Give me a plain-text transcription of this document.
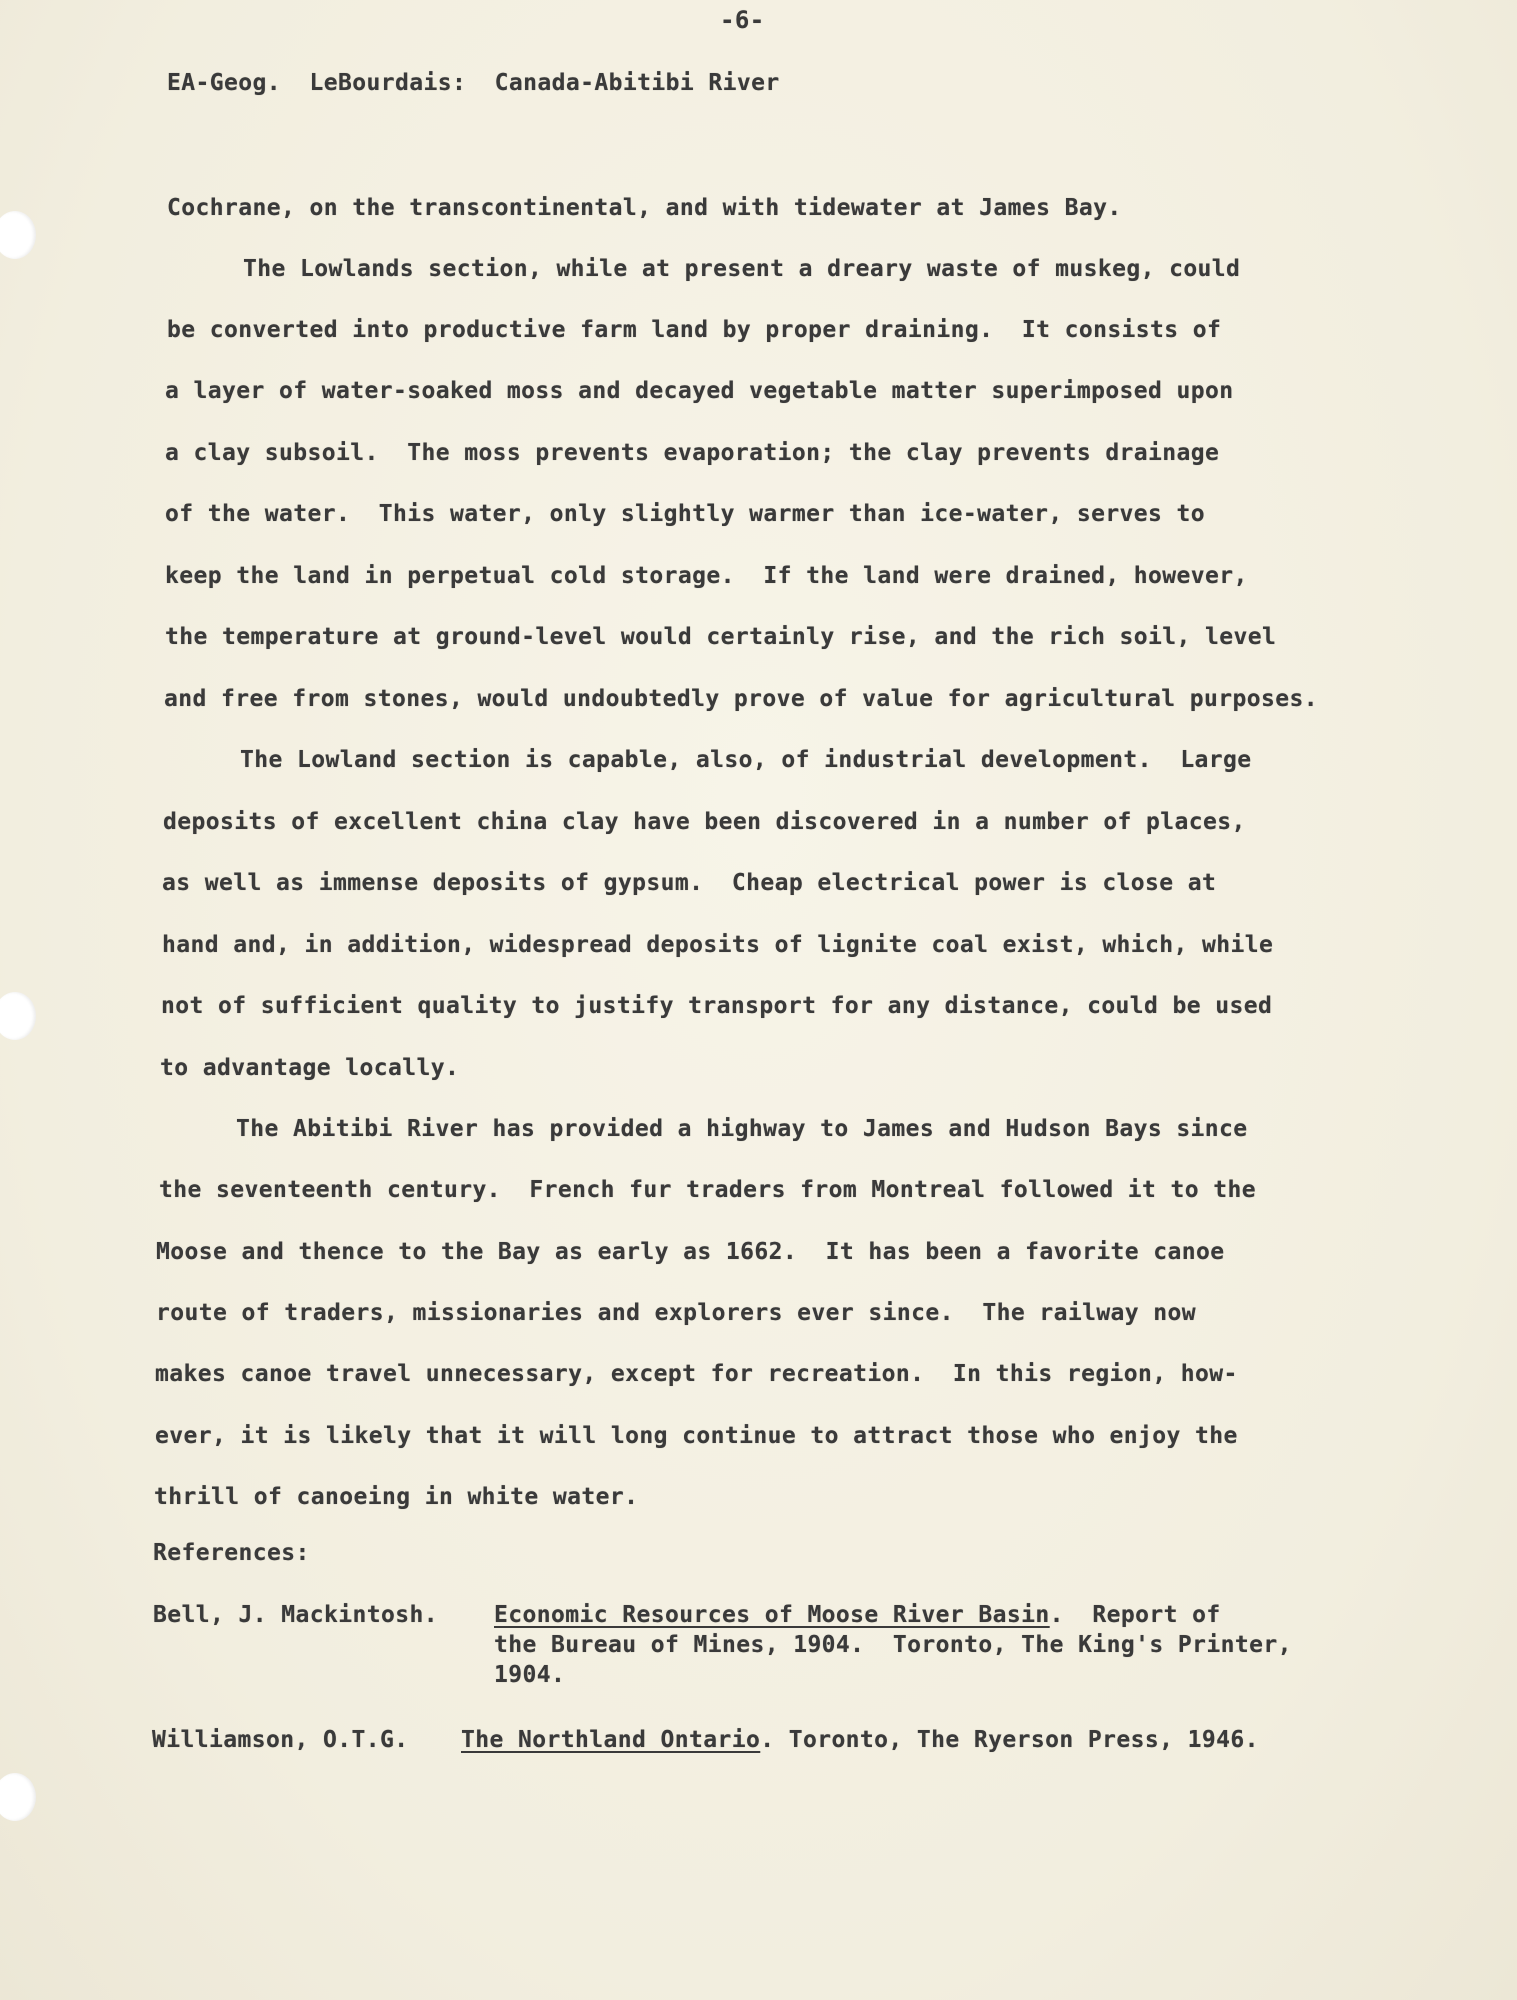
-6-
EA-Geog.  LeBourdais:  Canada-Abitibi River
Cochrane, on the transcontinental, and with tidewater at James Bay.
The Lowlands section, while at present a dreary waste of muskeg, could
be converted into productive farm land by proper draining.  It consists of
a layer of water-soaked moss and decayed vegetable matter superimposed upon
a clay subsoil.  The moss prevents evaporation; the clay prevents drainage
of the water.  This water, only slightly warmer than ice-water, serves to
keep the land in perpetual cold storage.  If the land were drained, however,
the temperature at ground-level would certainly rise, and the rich soil, level
and free from stones, would undoubtedly prove of value for agricultural purposes.
The Lowland section is capable, also, of industrial development.  Large
deposits of excellent china clay have been discovered in a number of places,
as well as immense deposits of gypsum.  Cheap electrical power is close at
hand and, in addition, widespread deposits of lignite coal exist, which, while
not of sufficient quality to justify transport for any distance, could be used
to advantage locally.
The Abitibi River has provided a highway to James and Hudson Bays since
the seventeenth century.  French fur traders from Montreal followed it to the
Moose and thence to the Bay as early as 1662.  It has been a favorite canoe
route of traders, missionaries and explorers ever since.  The railway now
makes canoe travel unnecessary, except for recreation.  In this region, how-
ever, it is likely that it will long continue to attract those who enjoy the
thrill of canoeing in white water.
References:
Bell, J. Mackintosh. Economic Resources of Moose River Basin.  Report of
the Bureau of Mines, 1904.  Toronto, The King's Printer,
1904.
Williamson, O.T.G. The Northland Ontario. Toronto, The Ryerson Press, 1946.
